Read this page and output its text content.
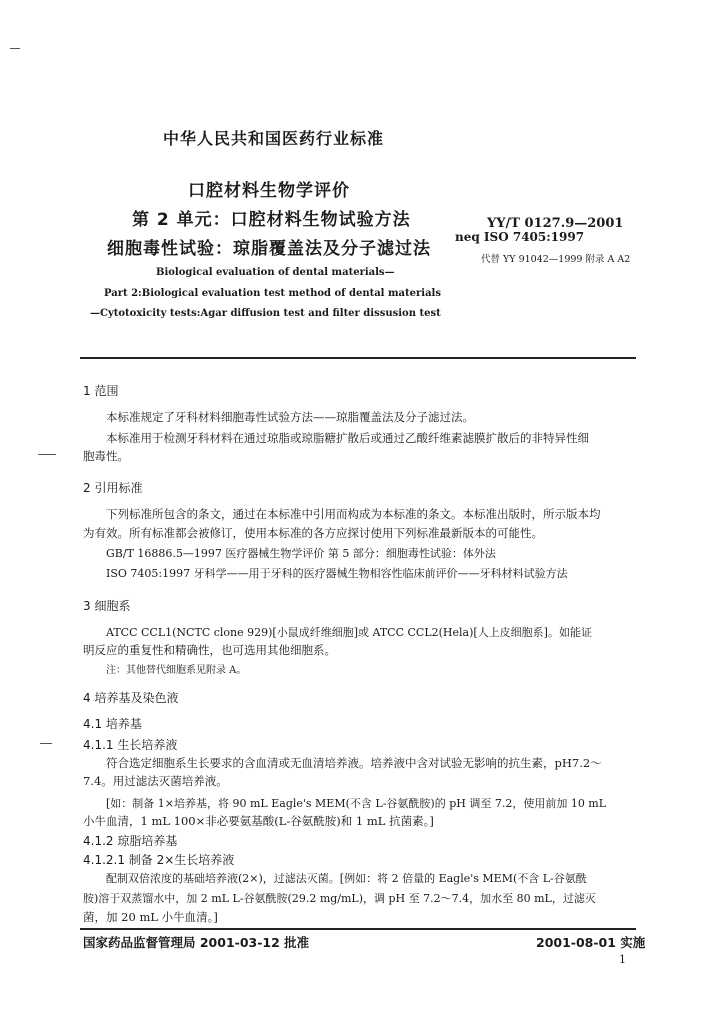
中华人民共和国医药行业标准
口腔材料生物学评价
第 2 单元：口腔材料生物试验方法
细胞毒性试验：琼脂覆盖法及分子滤过法
YY/T 0127.9—2001
neq ISO 7405:1997
代替 YY 91042—1999 附录 A A2
Biological evaluation of dental materials—
Part 2:Biological evaluation test method of dental materials
—Cytotoxicity tests:Agar diffusion test and filter dissusion test
1 范围
本标准规定了牙科材料细胞毒性试验方法——琼脂覆盖法及分子滤过法。
本标准用于检测牙科材料在通过琼脂或琼脂糖扩散后或通过乙酸纤维素滤膜扩散后的非特异性细
胞毒性。
2 引用标准
下列标准所包含的条文，通过在本标准中引用而构成为本标准的条文。本标准出版时，所示版本均
为有效。所有标准都会被修订，使用本标准的各方应探讨使用下列标准最新版本的可能性。
GB/T 16886.5—1997 医疗器械生物学评价 第 5 部分：细胞毒性试验：体外法
ISO 7405:1997 牙科学——用于牙科的医疗器械生物相容性临床前评价——牙科材料试验方法
3 细胞系
ATCC CCL1(NCTC clone 929)[小鼠成纤维细胞]或 ATCC CCL2(Hela)[人上皮细胞系]。如能证
明反应的重复性和精确性，也可选用其他细胞系。
注：其他替代细胞系见附录 A。
4 培养基及染色液
4.1 培养基
4.1.1 生长培养液
符合选定细胞系生长要求的含血清或无血清培养液。培养液中含对试验无影响的抗生素，pH7.2～
7.4。用过滤法灭菌培养液。
[如：制备 1×培养基，将 90 mL Eagle's MEM(不含 L-谷氨酰胺)的 pH 调至 7.2，使用前加 10 mL
小牛血清，1 mL 100×非必要氨基酸(L-谷氨酰胺)和 1 mL 抗菌素。]
4.1.2 琼脂培养基
4.1.2.1 制备 2×生长培养液
配制双倍浓度的基础培养液(2×)，过滤法灭菌。[例如：将 2 倍量的 Eagle's MEM(不含 L-谷氨酰
胺)溶于双蒸馏水中，加 2 mL L-谷氨酰胺(29.2 mg/mL)，调 pH 至 7.2～7.4，加水至 80 mL，过滤灭
菌，加 20 mL 小牛血清。]
国家药品监督管理局 2001-03-12 批准	2001-08-01 实施
1
